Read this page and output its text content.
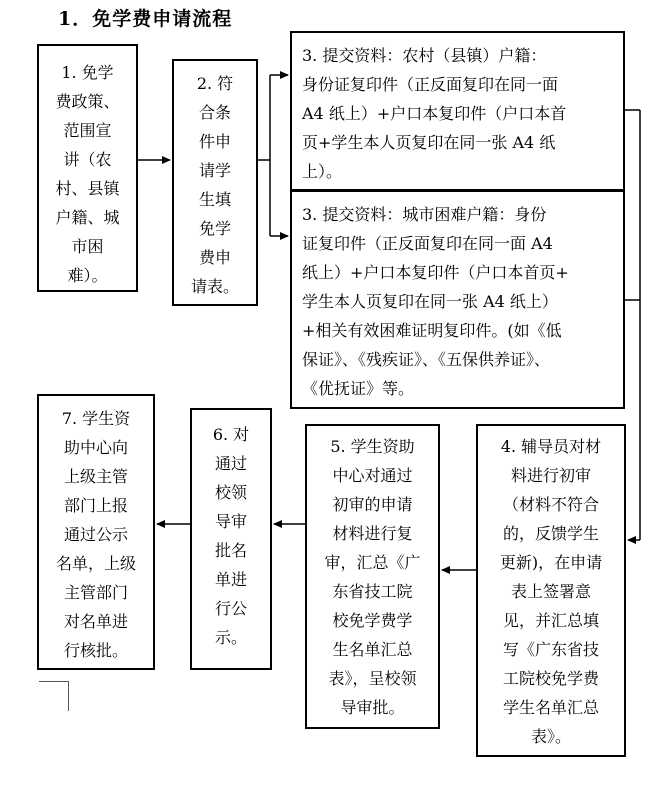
1．免学费申请流程
1. 免学
费政策、
范围宣
讲（农
村、县镇
户籍、城
市困
难）。
2. 符
合条
件申
请学
生填
免学
费申
请表。
3. 提交资料：农村（县镇）户籍：
身份证复印件（正反面复印在同一面
A4 纸上）+户口本复印件（户口本首
页+学生本人页复印在同一张 A4 纸
上）。
3. 提交资料：城市困难户籍：身份
证复印件（正反面复印在同一面 A4
纸上）+户口本复印件（户口本首页+
学生本人页复印在同一张 A4 纸上）
+相关有效困难证明复印件。(如《低
保证》、《残疾证》、《五保供养证》、
《优抚证》等。
4. 辅导员对材
料进行初审
（材料不符合
的，反馈学生
更新)，在申请
表上签署意
见，并汇总填
写《广东省技
工院校免学费
学生名单汇总
表》。
5. 学生资助
中心对通过
初审的申请
材料进行复
审，汇总《广
东省技工院
校免学费学
生名单汇总
表》，呈校领
导审批。
6. 对
通过
校领
导审
批名
单进
行公
示。
7. 学生资
助中心向
上级主管
部门上报
通过公示
名单，上级
主管部门
对名单进
行核批。
